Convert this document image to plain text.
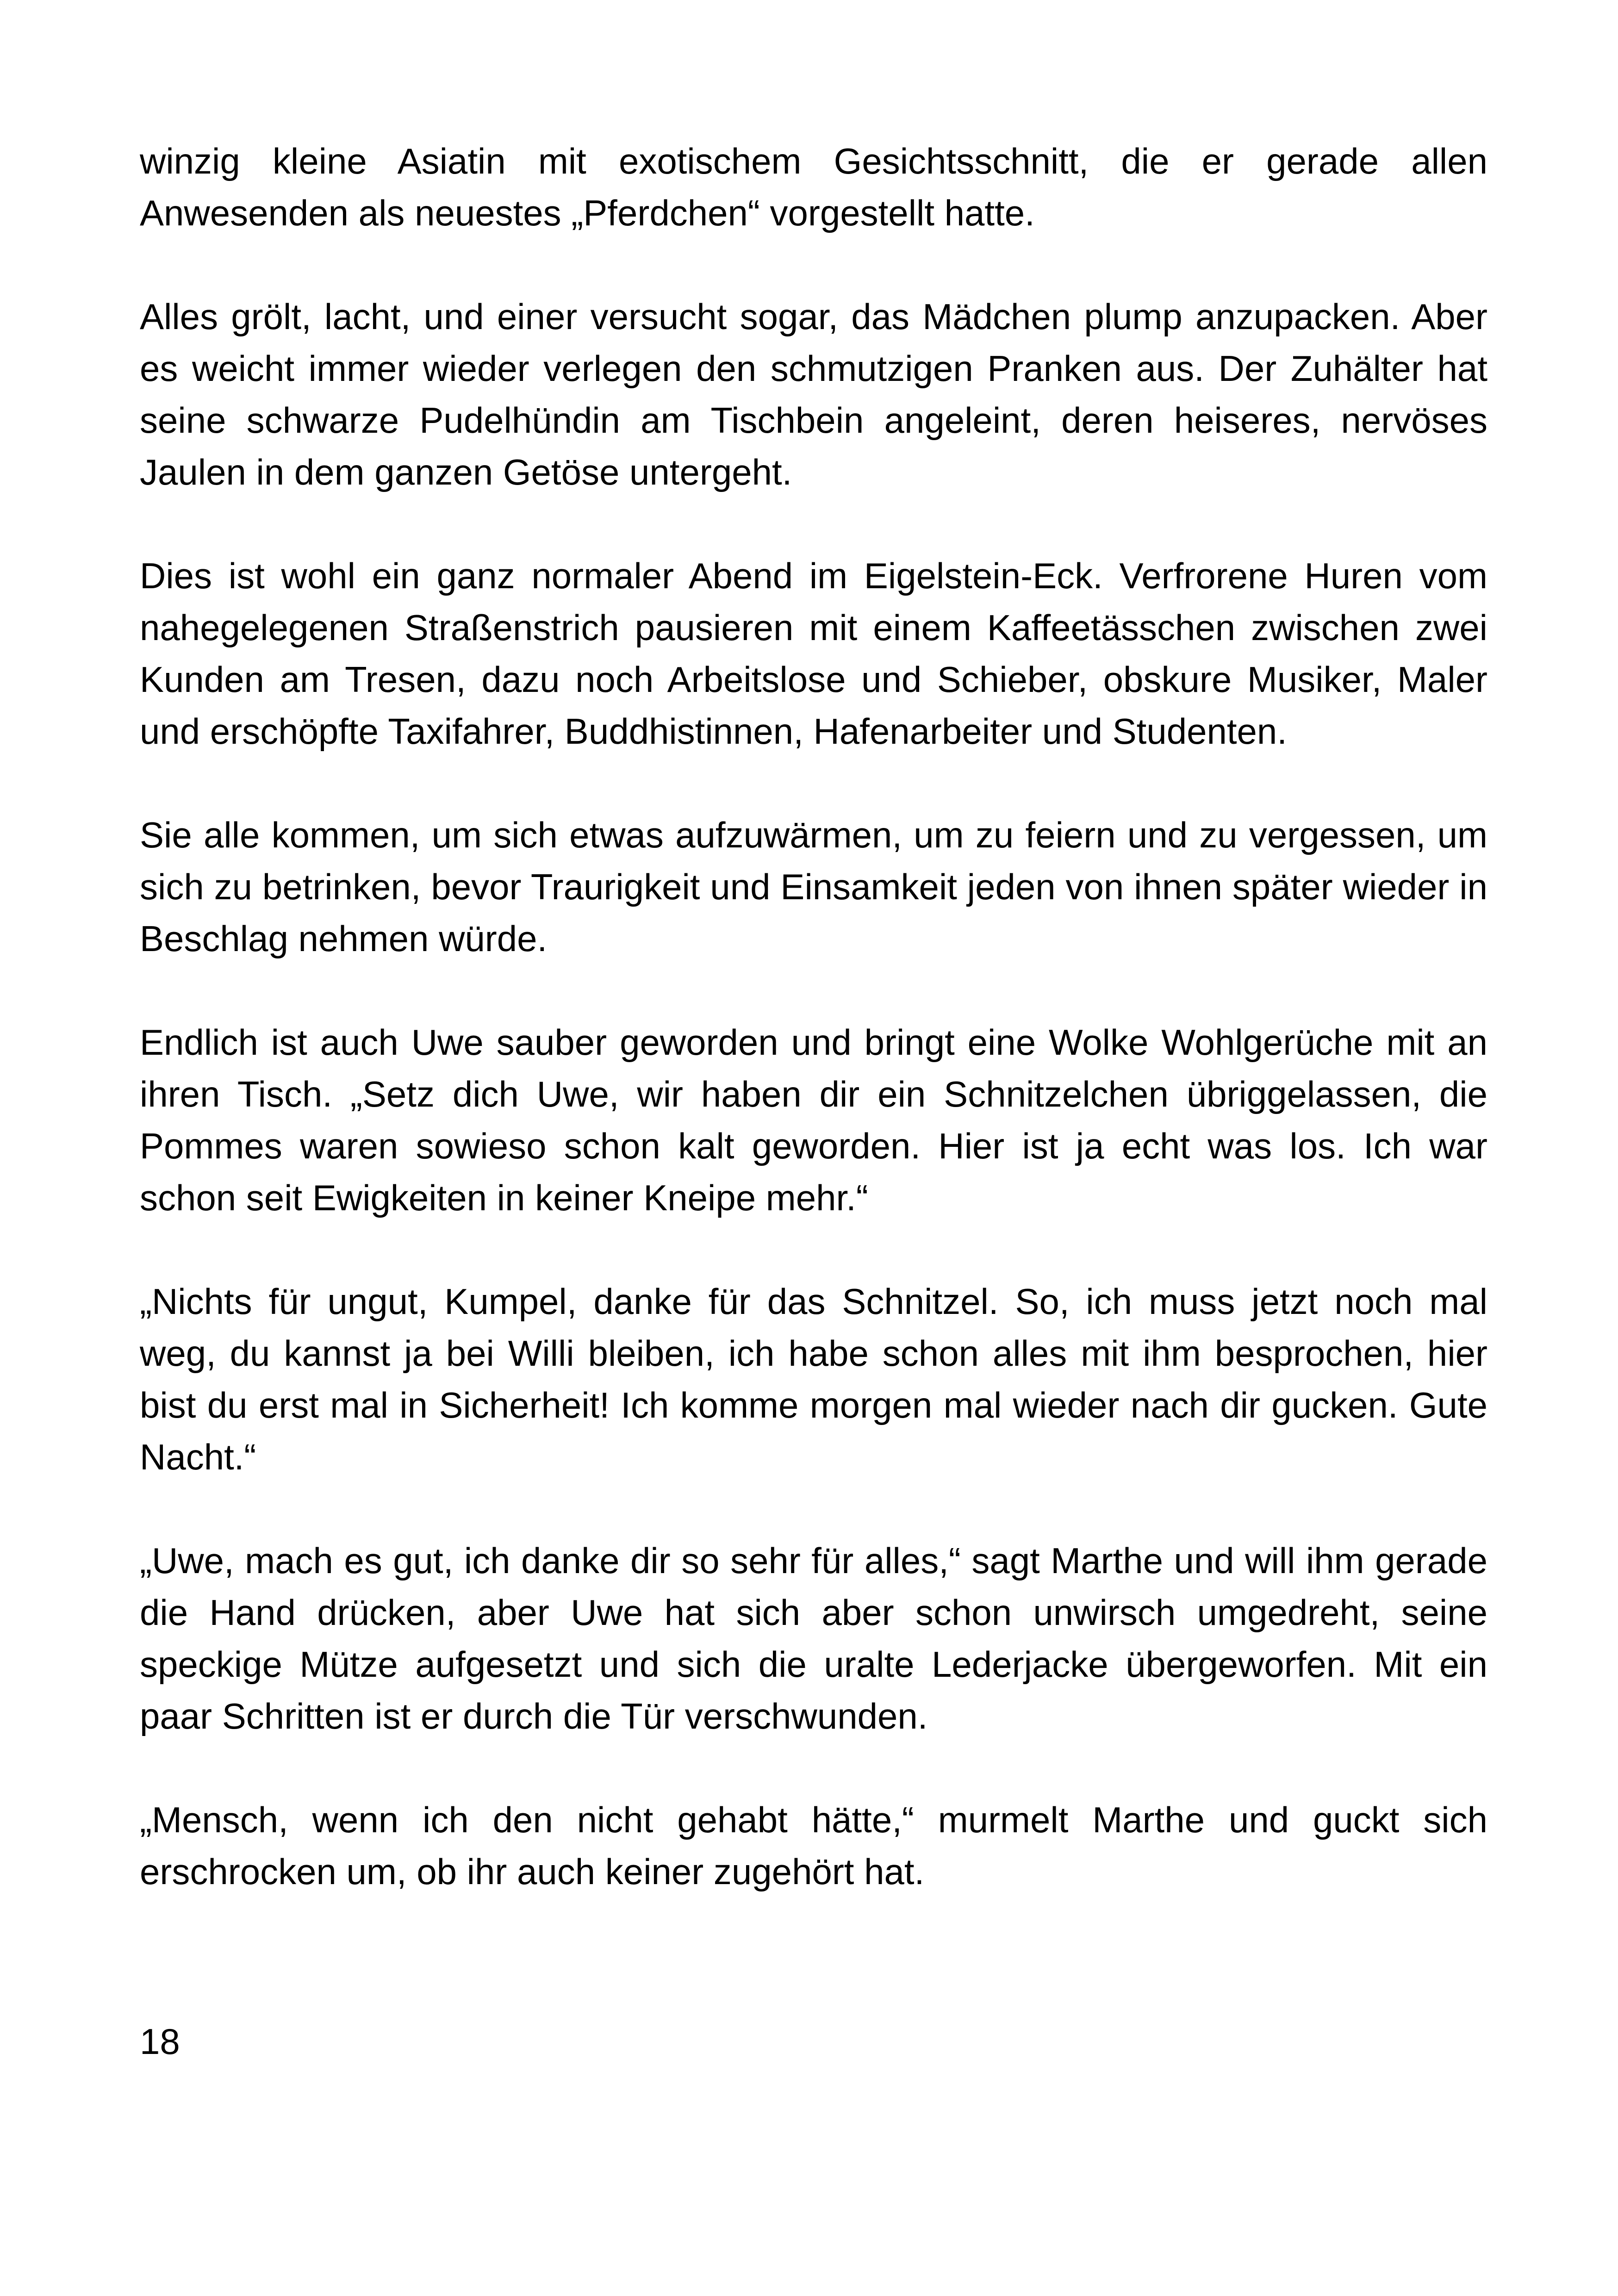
winzig kleine Asiatin mit exotischem Gesichtsschnitt, die er gerade allen Anwesenden als neuestes „Pferdchen“ vorgestellt hatte.

Alles grölt, lacht, und einer versucht sogar, das Mädchen plump anzupacken. Aber es weicht immer wieder verlegen den schmutzigen Pranken aus. Der Zuhälter hat seine schwarze Pudelhündin am Tischbein angeleint, deren heiseres, nervöses Jaulen in dem ganzen Getöse untergeht.

Dies ist wohl ein ganz normaler Abend im Eigelstein-Eck. Verfrorene Huren vom nahegelegenen Straßenstrich pausieren mit einem Kaffeetässchen zwischen zwei Kunden am Tresen, dazu noch Arbeitslose und Schieber, obskure Musiker, Maler und erschöpfte Taxifahrer, Buddhistinnen, Hafenarbeiter und Studenten.

Sie alle kommen, um sich etwas aufzuwärmen, um zu feiern und zu vergessen, um sich zu betrinken, bevor Traurigkeit und Einsamkeit jeden von ihnen später wieder in Beschlag nehmen würde.

Endlich ist auch Uwe sauber geworden und bringt eine Wolke Wohlgerüche mit an ihren Tisch. „Setz dich Uwe, wir haben dir ein Schnitzelchen übriggelassen, die Pommes waren sowieso schon kalt geworden. Hier ist ja echt was los. Ich war schon seit Ewigkeiten in keiner Kneipe mehr.“

„Nichts für ungut, Kumpel, danke für das Schnitzel. So, ich muss jetzt noch mal weg, du kannst ja bei Willi bleiben, ich habe schon alles mit ihm besprochen, hier bist du erst mal in Sicherheit! Ich komme morgen mal wieder nach dir gucken. Gute Nacht.“

„Uwe, mach es gut, ich danke dir so sehr für alles,“ sagt Marthe und will ihm gerade die Hand drücken, aber Uwe hat sich aber schon unwirsch umgedreht, seine speckige Mütze aufgesetzt und sich die uralte Lederjacke übergeworfen. Mit ein paar Schritten ist er durch die Tür verschwunden.

„Mensch, wenn ich den nicht gehabt hätte,“ murmelt Marthe und guckt sich erschrocken um, ob ihr auch keiner zugehört hat.

18
